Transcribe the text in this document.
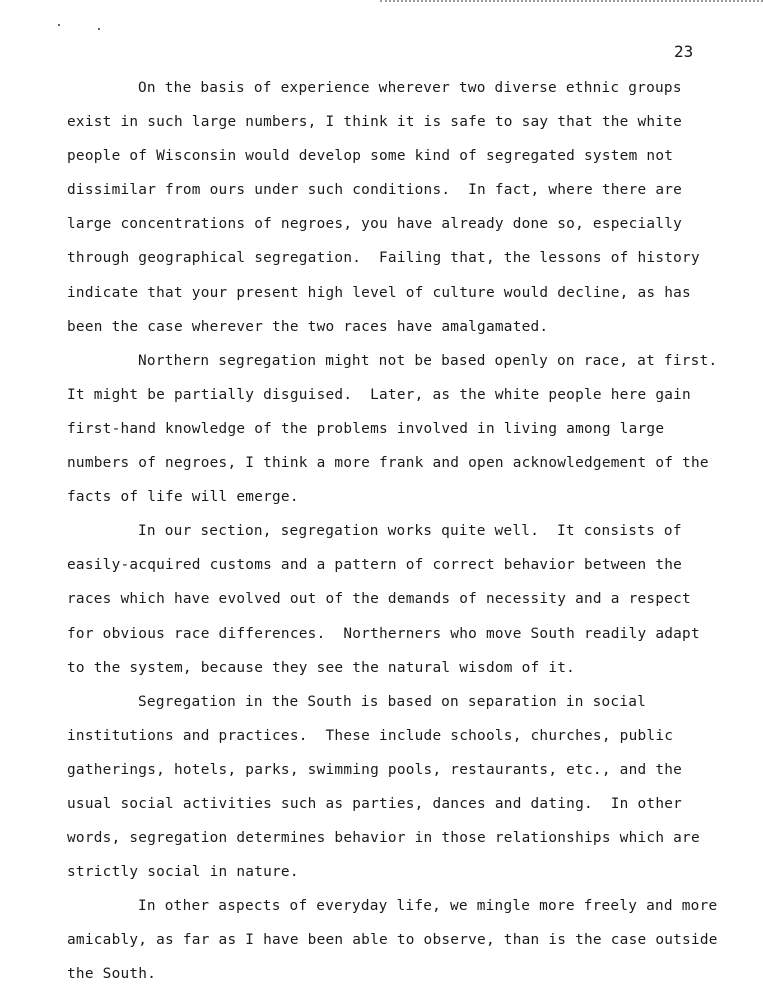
23
On the basis of experience wherever two diverse ethnic groups
exist in such large numbers, I think it is safe to say that the white
people of Wisconsin would develop some kind of segregated system not
dissimilar from ours under such conditions.  In fact, where there are
large concentrations of negroes, you have already done so, especially
through geographical segregation.  Failing that, the lessons of history
indicate that your present high level of culture would decline, as has
been the case wherever the two races have amalgamated.
Northern segregation might not be based openly on race, at first.
It might be partially disguised.  Later, as the white people here gain
first-hand knowledge of the problems involved in living among large
numbers of negroes, I think a more frank and open acknowledgement of the
facts of life will emerge.
In our section, segregation works quite well.  It consists of
easily-acquired customs and a pattern of correct behavior between the
races which have evolved out of the demands of necessity and a respect
for obvious race differences.  Northerners who move South readily adapt
to the system, because they see the natural wisdom of it.
Segregation in the South is based on separation in social
institutions and practices.  These include schools, churches, public
gatherings, hotels, parks, swimming pools, restaurants, etc., and the
usual social activities such as parties, dances and dating.  In other
words, segregation determines behavior in those relationships which are
strictly social in nature.
In other aspects of everyday life, we mingle more freely and more
amicably, as far as I have been able to observe, than is the case outside
the South.
